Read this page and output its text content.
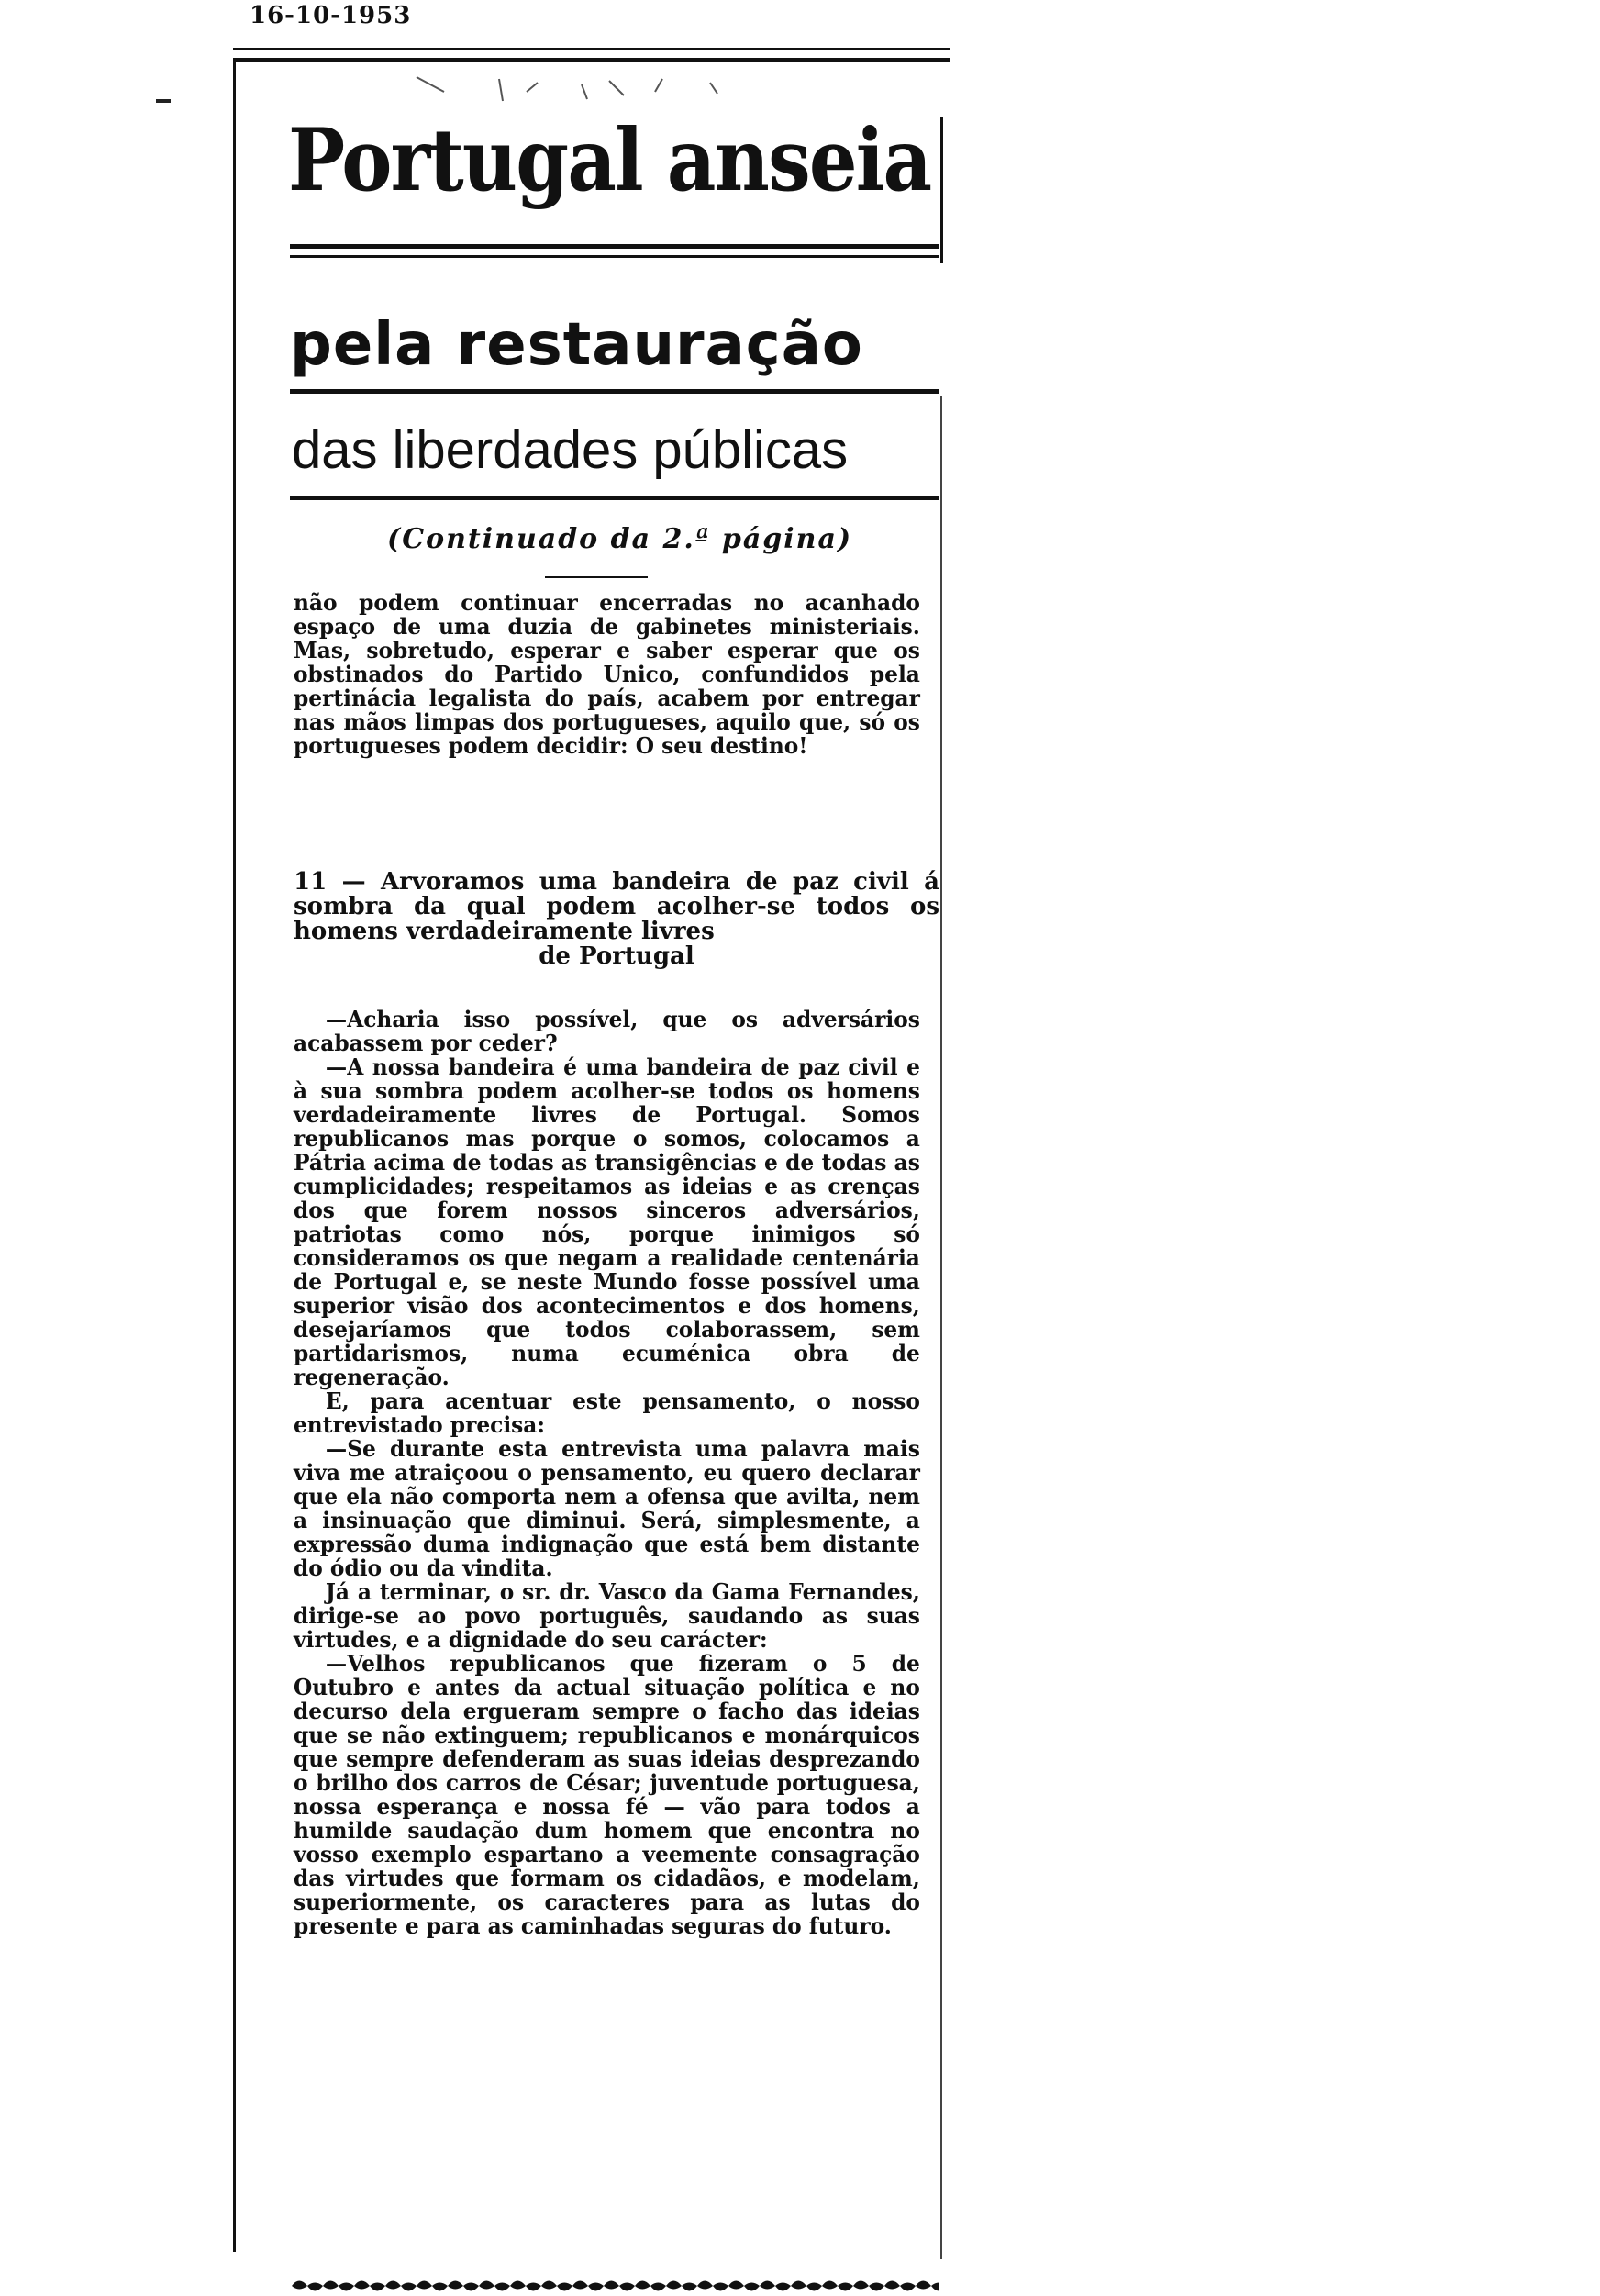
16-10-1953
Portugal anseia
pela restauração
das liberdades públicas
(Continuado da 2.ª página)

não podem continuar encerradas no acanhado espaço de uma duzia de gabinetes ministeriais. Mas, sobretudo, esperar e saber esperar que os obstinados do Partido Unico, confundidos pela pertinácia legalista do país, acabem por entregar nas mãos limpas dos portugueses, aquilo que, só os portugueses podem decidir: O seu destino!

11 — Arvoramos uma bandeira de paz civil á sombra da qual podem acolher-se todos os homens verdadeiramente livres
de Portugal

—Acharia isso possível, que os adversários acabassem por ceder?

—A nossa bandeira é uma bandeira de paz civil e à sua sombra podem acolher-se todos os homens verdadeiramente livres de Portugal. Somos republicanos mas porque o somos, colocamos a Pátria acima de todas as transigências e de todas as cumplicidades; respeitamos as ideias e as crenças dos que forem nossos sinceros adversários, patriotas como nós, porque inimigos só consideramos os que negam a realidade centenária de Portugal e, se neste Mundo fosse possível uma superior visão dos acontecimentos e dos homens, desejaríamos que todos colaborassem, sem partidarismos, numa ecuménica obra de regeneração.

E, para acentuar este pensamento, o nosso entrevistado precisa:

—Se durante esta entrevista uma palavra mais viva me atraiçoou o pensamento, eu quero declarar que ela não comporta nem a ofensa que avilta, nem a insinuação que diminui. Será, simplesmente, a expressão duma indignação que está bem distante do ódio ou da vindita.

Já a terminar, o sr. dr. Vasco da Gama Fernandes, dirige-se ao povo português, saudando as suas virtudes, e a dignidade do seu carácter:

—Velhos republicanos que fizeram o 5 de Outubro e antes da actual situação política e no decurso dela ergueram sempre o facho das ideias que se não extinguem; republicanos e monárquicos que sempre defenderam as suas ideias desprezando o brilho dos carros de César; juventude portuguesa, nossa esperança e nossa fé — vão para todos a humilde saudação dum homem que encontra no vosso exemplo espartano a veemente consagração das virtudes que formam os cidadãos, e modelam, superiormente, os caracteres para as lutas do presente e para as caminhadas seguras do futuro.
